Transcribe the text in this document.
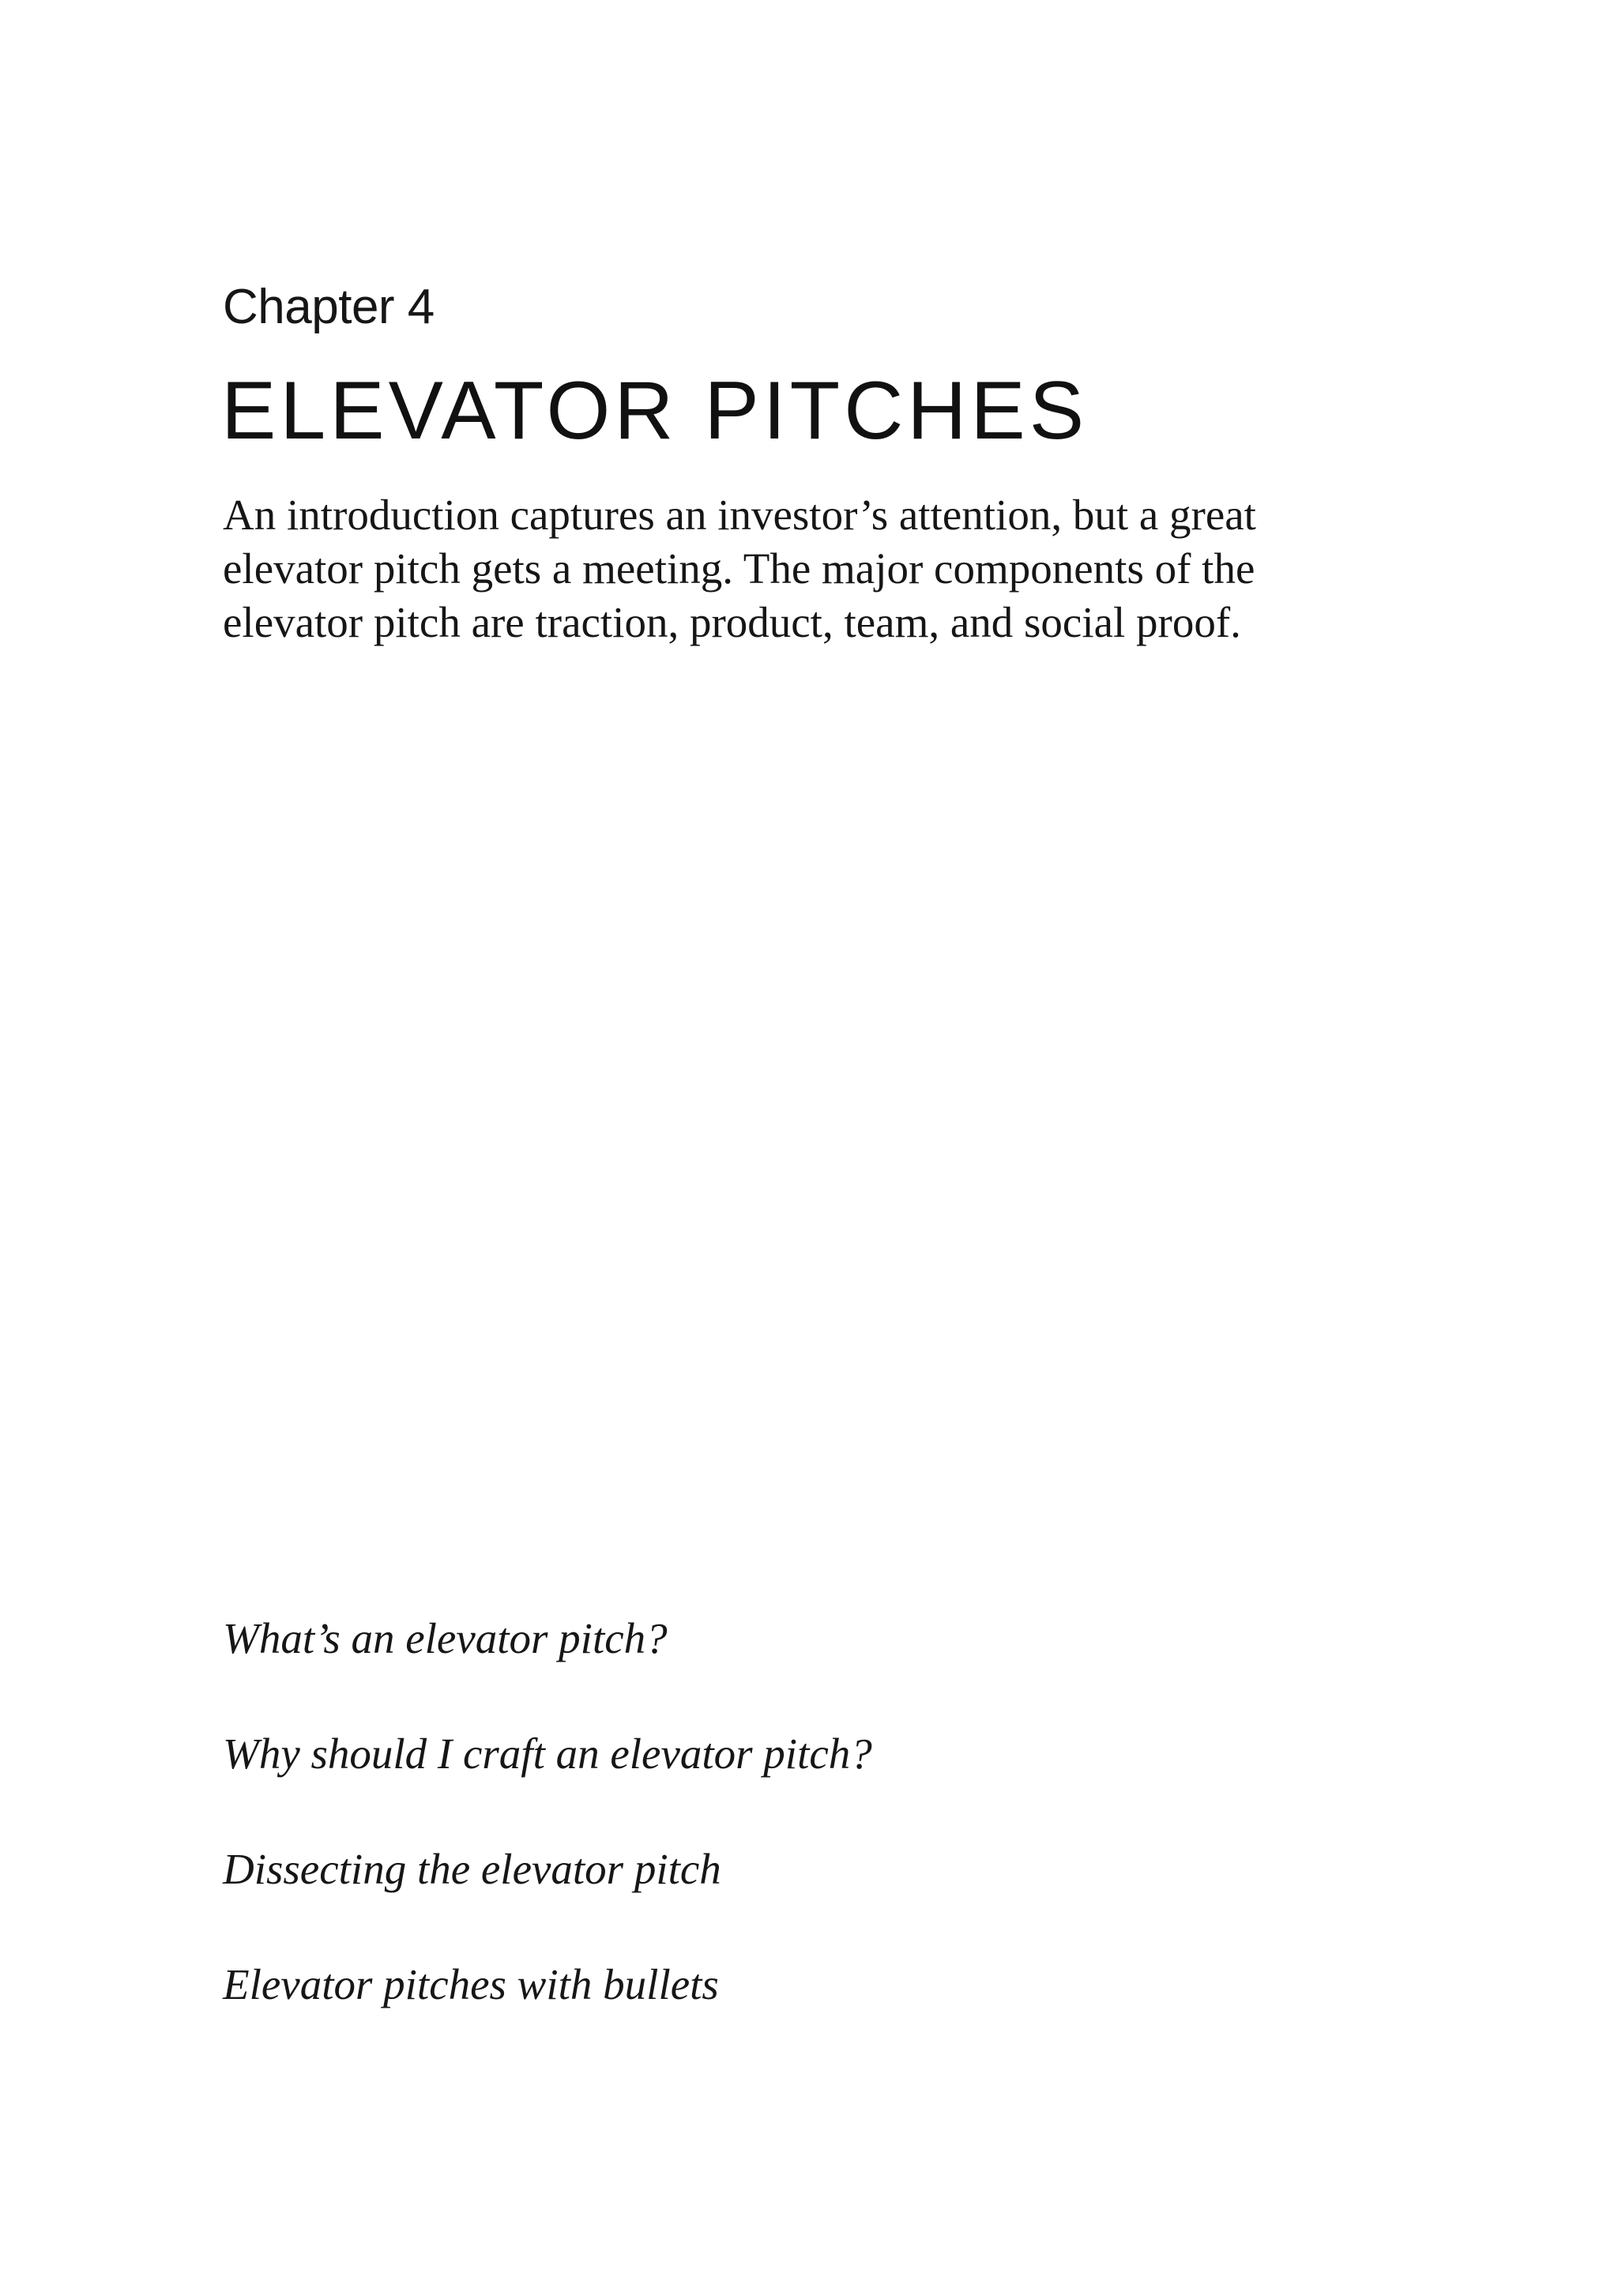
Chapter 4
ELEVATOR PITCHES

An introduction captures an investor’s attention, but a great
elevator pitch gets a meeting. The major components of the
elevator pitch are traction, product, team, and social proof.

What’s an elevator pitch?
Why should I craft an elevator pitch?
Dissecting the elevator pitch
Elevator pitches with bullets
